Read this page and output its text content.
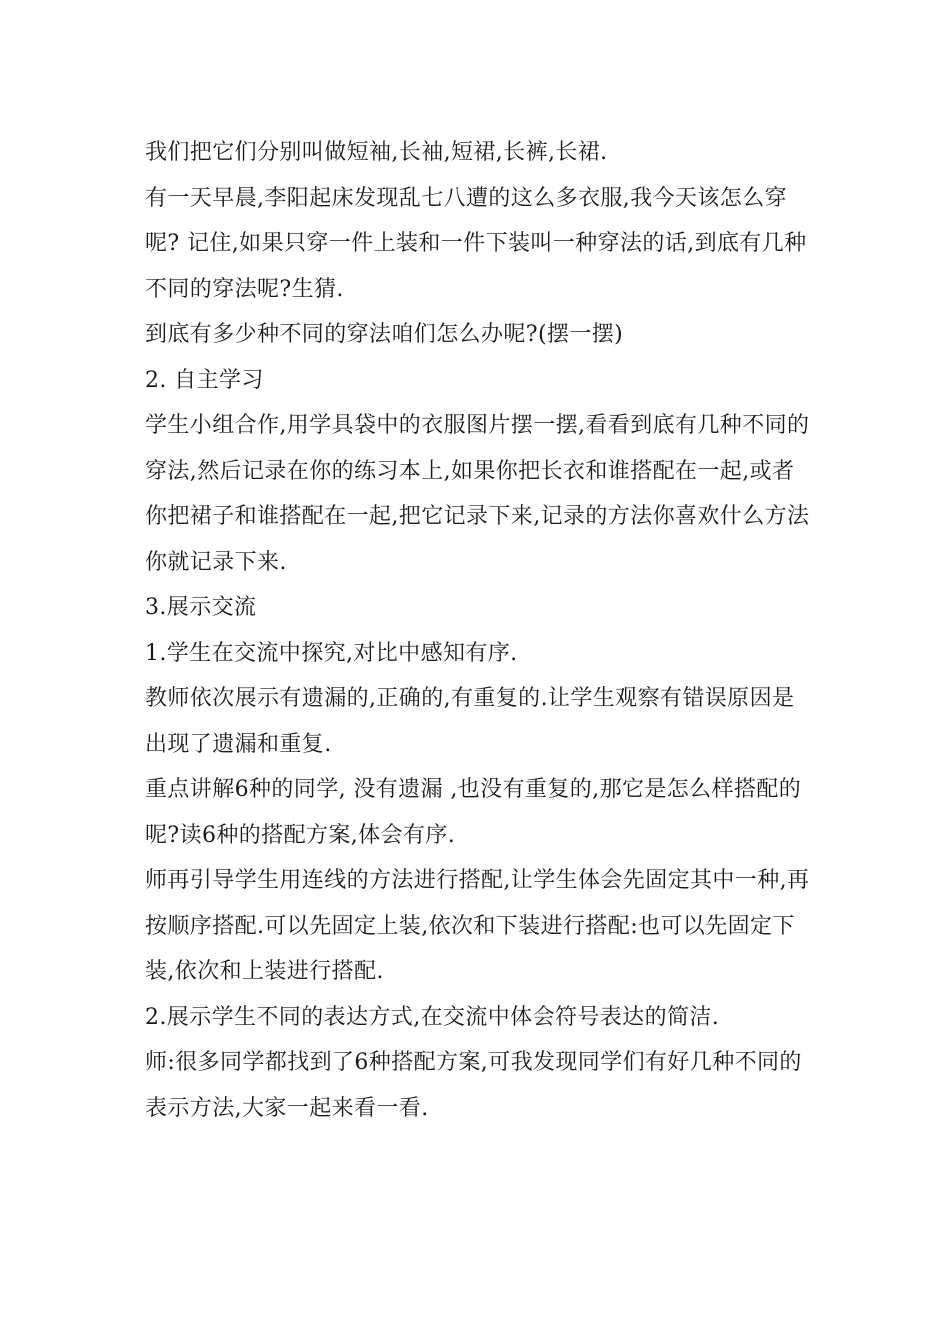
我们把它们分别叫做短袖,长袖,短裙,长裤,长裙.

有一天早晨,李阳起床发现乱七八遭的这么多衣服,我今天该怎么穿呢? 记住,如果只穿一件上装和一件下装叫一种穿法的话,到底有几种不同的穿法呢?生猜.

到底有多少种不同的穿法咱们怎么办呢?(摆一摆)

2. 自主学习

学生小组合作,用学具袋中的衣服图片摆一摆,看看到底有几种不同的穿法,然后记录在你的练习本上,如果你把长衣和谁搭配在一起,或者你把裙子和谁搭配在一起,把它记录下来,记录的方法你喜欢什么方法你就记录下来.

3.展示交流

1.学生在交流中探究,对比中感知有序.

教师依次展示有遗漏的,正确的,有重复的.让学生观察有错误原因是出现了遗漏和重复.

重点讲解6种的同学, 没有遗漏 ,也没有重复的,那它是怎么样搭配的呢?读6种的搭配方案,体会有序.

师再引导学生用连线的方法进行搭配,让学生体会先固定其中一种,再按顺序搭配.可以先固定上装,依次和下装进行搭配:也可以先固定下装,依次和上装进行搭配.

2.展示学生不同的表达方式,在交流中体会符号表达的简洁.

师:很多同学都找到了6种搭配方案,可我发现同学们有好几种不同的表示方法,大家一起来看一看.
